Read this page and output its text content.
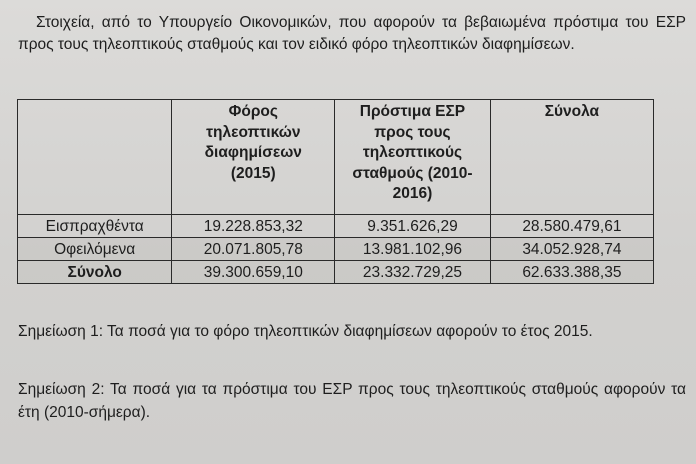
Στοιχεία, από το Υπουργείο Οικονομικών, που αφορούν τα βεβαιωμένα πρόστιμα του ΕΣΡ προς τους τηλεοπτικούς σταθμούς και τον ειδικό φόρο τηλεοπτικών διαφημίσεων.

	Φόρος τηλεοπτικών διαφημίσεων (2015)	Πρόστιμα ΕΣΡ προς τους τηλεοπτικούς σταθμούς (2010-2016)	Σύνολα
Εισπραχθέντα	19.228.853,32	9.351.626,29	28.580.479,61
Οφειλόμενα	20.071.805,78	13.981.102,96	34.052.928,74
Σύνολο	39.300.659,10	23.332.729,25	62.633.388,35

Σημείωση 1: Τα ποσά για το φόρο τηλεοπτικών διαφημίσεων αφορούν το έτος 2015.

Σημείωση 2: Τα ποσά για τα πρόστιμα του ΕΣΡ προς τους τηλεοπτικούς σταθμούς αφορούν τα έτη (2010-σήμερα).
